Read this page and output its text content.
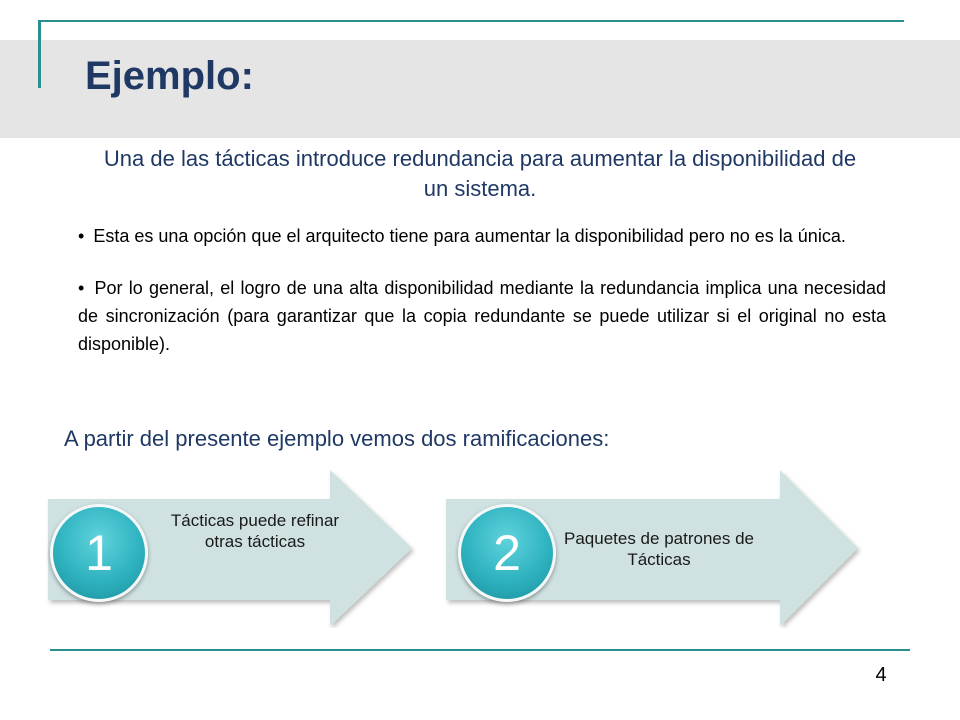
Ejemplo:
Una de las tácticas introduce redundancia para aumentar la disponibilidad de un sistema.
• Esta es una opción que el arquitecto tiene para aumentar la disponibilidad pero no es la única.
• Por lo general, el logro de una alta disponibilidad mediante la redundancia implica una necesidad de sincronización (para garantizar que la copia redundante se puede utilizar si el original no esta disponible).
A partir del presente ejemplo vemos dos ramificaciones:
1
Tácticas puede refinar otras tácticas	2	Paquetes de patrones de Tácticas
4
